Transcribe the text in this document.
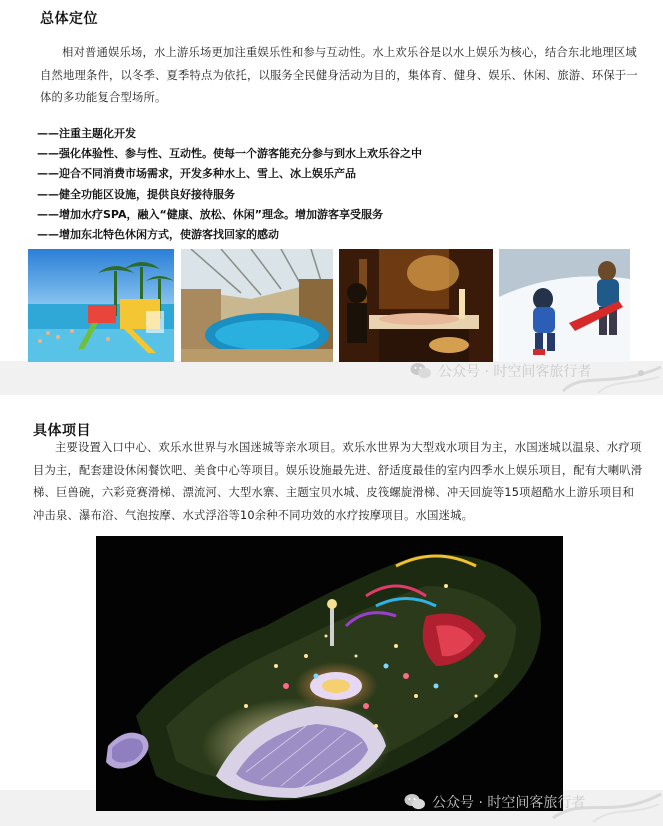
总体定位
相对普通娱乐场，水上游乐场更加注重娱乐性和参与互动性。水上欢乐谷是以水上娱乐为核心，结合东北地理区域
自然地理条件，以冬季、夏季特点为依托，以服务全民健身活动为目的，集体育、健身、娱乐、休闲、旅游、环保于一
体的多功能复合型场所。
——注重主题化开发
——强化体验性、参与性、互动性。使每一个游客能充分参与到水上欢乐谷之中
——迎合不同消费市场需求，开发多种水上、雪上、冰上娱乐产品
——健全功能区设施，提供良好接待服务
——增加水疗SPA，融入“健康、放松、休闲”理念。增加游客享受服务
——增加东北特色休闲方式，使游客找回家的感动
公众号 · 时空间客旅行者
具体项目
主要设置入口中心、欢乐水世界与水国迷城等亲水项目。欢乐水世界为大型戏水项目为主，水国迷城以温泉、水疗项
目为主，配套建设休闲餐饮吧、美食中心等项目。娱乐设施最先进、舒适度最佳的室内四季水上娱乐项目，配有大喇叭滑
梯、巨兽碗，六彩竞赛滑梯、漂流河、大型水寨、主题宝贝水城、皮筏螺旋滑梯、冲天回旋等15项超酷水上游乐项目和
冲击泉、瀑布浴、气泡按摩、水式浮浴等10余种不同功效的水疗按摩项目。水国迷城。
公众号 · 时空间客旅行者
